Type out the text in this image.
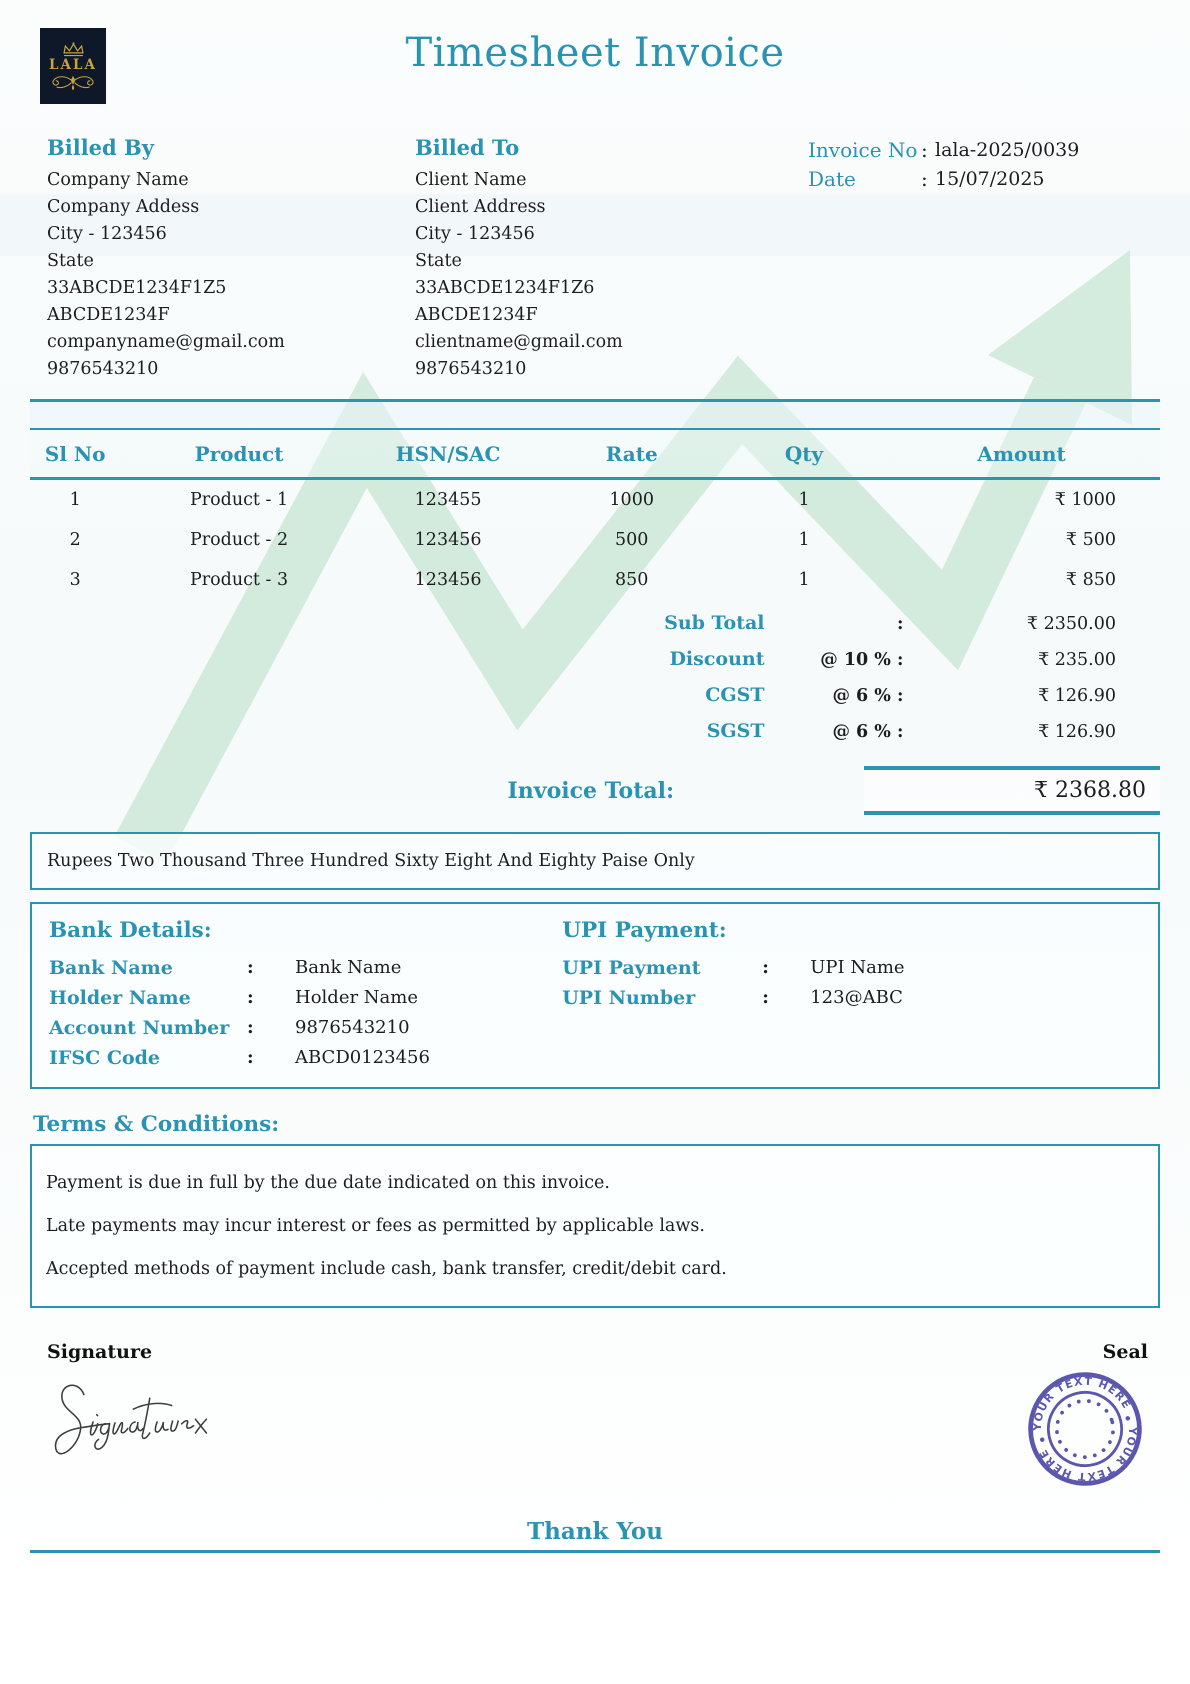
LALA	Timesheet Invoice
Billed By
Company Name
Company Addess
City - 123456
State
33ABCDE1234F1Z5
ABCDE1234F
companyname@gmail.com
9876543210
Billed To
Client Name
Client Address
City - 123456
State
33ABCDE1234F1Z6
ABCDE1234F
clientname@gmail.com
9876543210
Invoice No : lala-2025/0039
Date	: 15/07/2025
Sl No	Product	HSN/SAC	Rate	Qty	Amount
1	Product - 1	123455	1000	1	₹ 1000
2	Product - 2	123456	500	1	₹ 500
3	Product - 3	123456	850	1	₹ 850
Sub Total	:	₹ 2350.00
Discount	@ 10 % :	₹ 235.00
CGST	@ 6 % :	₹ 126.90
SGST	@ 6 % :	₹ 126.90
Invoice Total:	₹ 2368.80
Rupees Two Thousand Three Hundred Sixty Eight And Eighty Paise Only
Bank Details:
Bank Name	:	Bank Name
Holder Name	:	Holder Name
Account Number :	9876543210
IFSC Code	:	ABCD0123456
UPI Payment:
UPI Payment	:	UPI Name
UPI Number	:	123@ABC
Terms & Conditions:

Payment is due in full by the due date indicated on this invoice.

Late payments may incur interest or fees as permitted by applicable laws.

Accepted methods of payment include cash, bank transfer, credit/debit card.

Signature	Seal
YOUR TEXT HERE
YOUR TEXT HERE
Thank You
